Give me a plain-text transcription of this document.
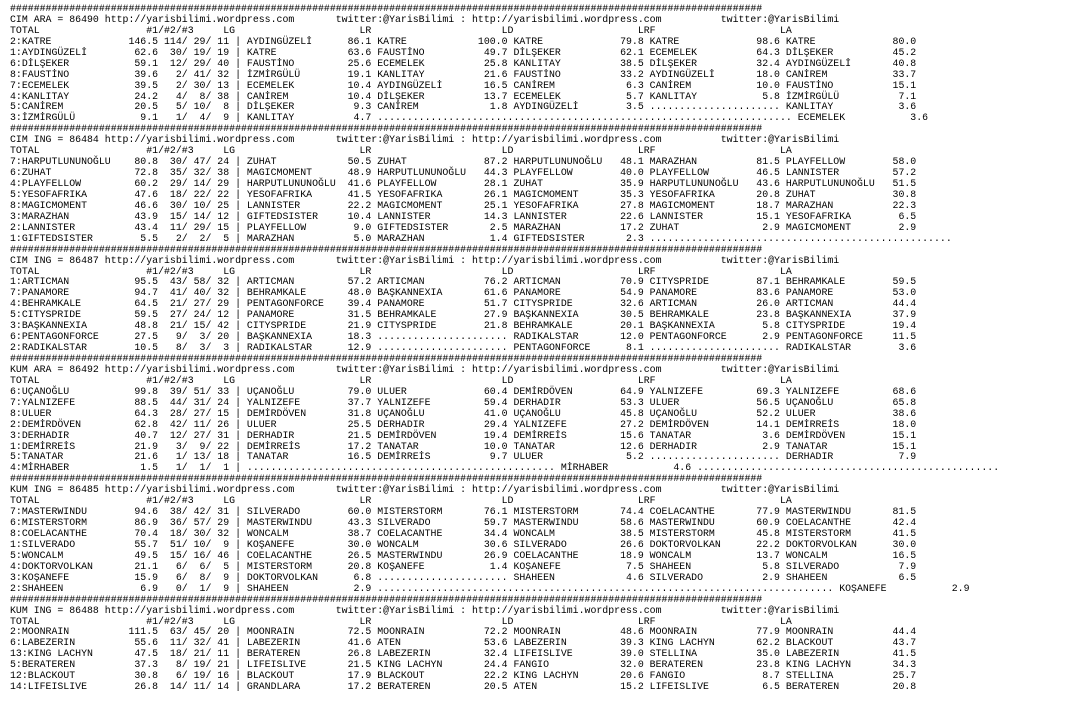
###############################################################################################################################
CIM ARA = 86490 http://yarisbilimi.wordpress.com       twitter:@YarisBilimi : http://yarisbilimi.wordpress.com          twitter:@YarisBilimi
TOTAL                  #1/#2/#3     LG                     LR                      LD                     LRF                     LA
2:KATRE             146.5 114/ 29/ 11 | AYDINGÜZELİ      86.1 KATRE            100.0 KATRE             79.8 KATRE             98.6 KATRE             80.0
1:AYDINGÜZELİ        62.6  30/ 19/ 19 | KATRE            63.6 FAUSTİNO          49.7 DİLŞEKER          62.1 ECEMELEK          64.3 DİLŞEKER          45.2
6:DİLŞEKER           59.1  12/ 29/ 40 | FAUSTİNO         25.6 ECEMELEK          25.8 KANLITAY          38.5 DİLŞEKER          32.4 AYDINGÜZELİ       40.8
8:FAUSTİNO           39.6   2/ 41/ 32 | İZMİRGÜLÜ        19.1 KANLITAY          21.6 FAUSTİNO          33.2 AYDINGÜZELİ       18.0 CANİREM           33.7
7:ECEMELEK           39.5   2/ 30/ 13 | ECEMELEK         10.4 AYDINGÜZELİ       16.5 CANİREM            6.3 CANİREM           10.0 FAUSTİNO          15.1
4:KANLITAY           24.2   4/  8/ 38 | CANİREM          10.4 DİLŞEKER          13.7 ECEMELEK           5.7 KANLITAY           5.8 İZMİRGÜLÜ          7.1
5:CANİREM            20.5   5/ 10/  8 | DİLŞEKER          9.3 CANİREM            1.8 AYDINGÜZELİ        3.5 ...................... KANLITAY           3.6
3:İZMİRGÜLÜ           9.1   1/  4/  9 | KANLITAY          4.7 ...................................................................... ECEMELEK           3.6
###############################################################################################################################
CIM ING = 86484 http://yarisbilimi.wordpress.com       twitter:@YarisBilimi : http://yarisbilimi.wordpress.com          twitter:@YarisBilimi
TOTAL                  #1/#2/#3     LG                     LR                      LD                     LRF                     LA
7:HARPUTLUNUNOĞLU    80.8  30/ 47/ 24 | ZUHAT            50.5 ZUHAT             87.2 HARPUTLUNUNOĞLU   48.1 MARAZHAN          81.5 PLAYFELLOW        58.0
6:ZUHAT              72.8  35/ 32/ 38 | MAGICMOMENT      48.9 HARPUTLUNUNOĞLU   44.3 PLAYFELLOW        40.0 PLAYFELLOW        46.5 LANNISTER         57.2
4:PLAYFELLOW         60.2  29/ 14/ 29 | HARPUTLUNUNOĞLU  41.6 PLAYFELLOW        28.1 ZUHAT             35.9 HARPUTLUNUNOĞLU   43.6 HARPUTLUNUNOĞLU   51.5
5:YESOFAFRIKA        47.6  18/ 22/ 22 | YESOFAFRIKA      41.5 YESOFAFRIKA       26.1 MAGICMOMENT       35.3 YESOFAFRIKA       20.8 ZUHAT             30.8
8:MAGICMOMENT        46.6  30/ 10/ 25 | LANNISTER        22.2 MAGICMOMENT       25.1 YESOFAFRIKA       27.8 MAGICMOMENT       18.7 MARAZHAN          22.3
3:MARAZHAN           43.9  15/ 14/ 12 | GIFTEDSISTER     10.4 LANNISTER         14.3 LANNISTER         22.6 LANNISTER         15.1 YESOFAFRIKA        6.5
2:LANNISTER          43.4  11/ 29/ 15 | PLAYFELLOW        9.0 GIFTEDSISTER       2.5 MARAZHAN          17.2 ZUHAT              2.9 MAGICMOMENT        2.9
1:GIFTEDSISTER        5.5   2/  2/  5 | MARAZHAN          5.0 MARAZHAN           1.4 GIFTEDSISTER       2.3 ...................................................
###############################################################################################################################
CIM ING = 86487 http://yarisbilimi.wordpress.com       twitter:@YarisBilimi : http://yarisbilimi.wordpress.com          twitter:@YarisBilimi
TOTAL                  #1/#2/#3     LG                     LR                      LD                     LRF                     LA
1:ARTICMAN           95.5  43/ 58/ 32 | ARTICMAN         57.2 ARTICMAN          76.2 ARTICMAN          70.9 CITYSPRIDE        87.1 BEHRAMKALE        59.5
7:PANAMORE           94.7  41/ 40/ 32 | BEHRAMKALE       48.0 BAŞKANNEXIA       61.6 PANAMORE          54.9 PANAMORE          83.6 PANAMORE          53.0
4:BEHRAMKALE         64.5  21/ 27/ 29 | PENTAGONFORCE    39.4 PANAMORE          51.7 CITYSPRIDE        32.6 ARTICMAN          26.0 ARTICMAN          44.4
5:CITYSPRIDE         59.5  27/ 24/ 12 | PANAMORE         31.5 BEHRAMKALE        27.9 BAŞKANNEXIA       30.5 BEHRAMKALE        23.8 BAŞKANNEXIA       37.9
3:BAŞKANNEXIA        48.8  21/ 15/ 42 | CITYSPRIDE       21.9 CITYSPRIDE        21.8 BEHRAMKALE        20.1 BAŞKANNEXIA        5.8 CITYSPRIDE        19.4
6:PENTAGONFORCE      27.5   9/  3/ 20 | BAŞKANNEXIA      18.3 ...................... RADIKALSTAR       12.0 PENTAGONFORCE      2.9 PENTAGONFORCE     11.5
2:RADIKALSTAR        10.5   8/  3/  3 | RADIKALSTAR      12.9 ...................... PENTAGONFORCE      8.1 ...................... RADIKALSTAR        3.6
###############################################################################################################################
KUM ARA = 86492 http://yarisbilimi.wordpress.com       twitter:@YarisBilimi : http://yarisbilimi.wordpress.com          twitter:@YarisBilimi
TOTAL                  #1/#2/#3     LG                     LR                      LD                     LRF                     LA
6:UÇANOĞLU           99.8  39/ 51/ 33 | UÇANOĞLU         79.0 ULUER             60.4 DEMİRDÖVEN        64.9 YALNIZEFE         69.3 YALNIZEFE         68.6
7:YALNIZEFE          88.5  44/ 31/ 24 | YALNIZEFE        37.7 YALNIZEFE         59.4 DERHADIR          53.3 ULUER             56.5 UÇANOĞLU          65.8
8:ULUER              64.3  28/ 27/ 15 | DEMİRDÖVEN       31.8 UÇANOĞLU          41.0 UÇANOĞLU          45.8 UÇANOĞLU          52.2 ULUER             38.6
2:DEMİRDÖVEN         62.8  42/ 11/ 26 | ULUER            25.5 DERHADIR          29.4 YALNIZEFE         27.2 DEMİRDÖVEN        14.1 DEMİRREİS         18.0
3:DERHADIR           40.7  12/ 27/ 31 | DERHADIR         21.5 DEMİRDÖVEN        19.4 DEMİRREİS         15.6 TANATAR            3.6 DEMİRDÖVEN        15.1
1:DEMİRREİS          21.9   3/  9/ 22 | DEMİRREİS        17.2 TANATAR           10.0 TANATAR           12.6 DERHADIR           2.9 TANATAR           15.1
5:TANATAR            21.6   1/ 13/ 18 | TANATAR          16.5 DEMİRREİS          9.7 ULUER              5.2 ...................... DERHADIR           7.9
4:MİRHABER            1.5   1/  1/  1 | .................................................... MİRHABER           4.6 ...................................................
###############################################################################################################################
KUM ING = 86485 http://yarisbilimi.wordpress.com       twitter:@YarisBilimi : http://yarisbilimi.wordpress.com          twitter:@YarisBilimi
TOTAL                  #1/#2/#3     LG                     LR                      LD                     LRF                     LA
7:MASTERWINDU        94.6  38/ 42/ 31 | SILVERADO        60.0 MISTERSTORM       76.1 MISTERSTORM       74.4 COELACANTHE       77.9 MASTERWINDU       81.5
6:MISTERSTORM        86.9  36/ 57/ 29 | MASTERWINDU      43.3 SILVERADO         59.7 MASTERWINDU       58.6 MASTERWINDU       60.9 COELACANTHE       42.4
8:COELACANTHE        70.4  18/ 30/ 32 | WONCALM          38.7 COELACANTHE       34.4 WONCALM           38.5 MISTERSTORM       45.8 MISTERSTORM       41.5
1:SILVERADO          55.7  51/ 10/  9 | KOŞANEFE         30.0 WONCALM           30.6 SILVERADO         26.6 DOKTORVOLKAN      22.2 DOKTORVOLKAN      30.0
5:WONCALM            49.5  15/ 16/ 46 | COELACANTHE      26.5 MASTERWINDU       26.9 COELACANTHE       18.9 WONCALM           13.7 WONCALM           16.5
4:DOKTORVOLKAN       21.1   6/  6/  5 | MISTERSTORM      20.8 KOŞANEFE           1.4 KOŞANEFE           7.5 SHAHEEN            5.8 SILVERADO          7.9
3:KOŞANEFE           15.9   6/  8/  9 | DOKTORVOLKAN      6.8 ...................... SHAHEEN            4.6 SILVERADO          2.9 SHAHEEN            6.5
2:SHAHEEN             6.9   0/  1/  9 | SHAHEEN           2.9 ............................................................................. KOŞANEFE           2.9
###############################################################################################################################
KUM ING = 86488 http://yarisbilimi.wordpress.com       twitter:@YarisBilimi : http://yarisbilimi.wordpress.com          twitter:@YarisBilimi
TOTAL                  #1/#2/#3     LG                     LR                      LD                     LRF                     LA
2:MOONRAIN          111.5  63/ 45/ 20 | MOONRAIN         72.5 MOONRAIN          72.2 MOONRAIN          48.6 MOONRAIN          77.9 MOONRAIN          44.4
6:LABEZERIN          55.6  11/ 32/ 41 | LABEZERIN        41.6 ATEN              53.6 LABEZERIN         39.3 KING LACHYN       62.2 BLACKOUT          43.7
13:KING LACHYN       47.5  18/ 21/ 11 | BERATEREN        26.8 LABEZERIN         32.4 LIFEISLIVE        39.0 STELLINA          35.0 LABEZERIN         41.5
5:BERATEREN          37.3   8/ 19/ 21 | LIFEISLIVE       21.5 KING LACHYN       24.4 FANGIO            32.0 BERATEREN         23.8 KING LACHYN       34.3
12:BLACKOUT          30.8   6/ 19/ 16 | BLACKOUT         17.9 BLACKOUT          22.2 KING LACHYN       20.6 FANGIO             8.7 STELLINA          25.7
14:LIFEISLIVE        26.8  14/ 11/ 14 | GRANDLARA        17.2 BERATEREN         20.5 ATEN              15.2 LIFEISLIVE         6.5 BERATEREN         20.8
